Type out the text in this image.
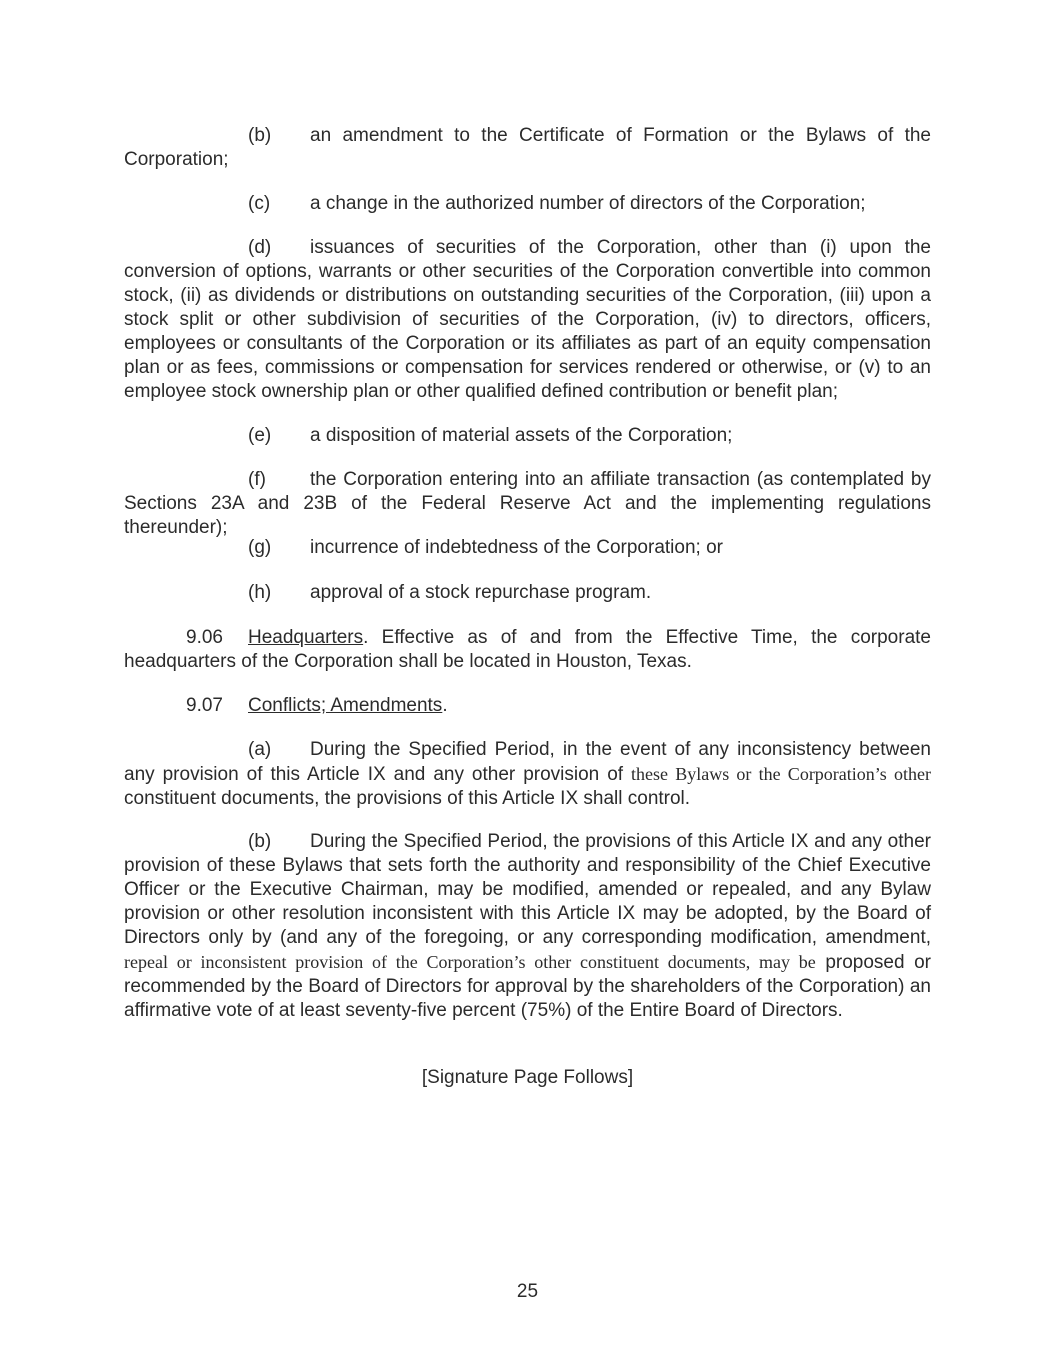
(b) an amendment to the Certificate of Formation or the Bylaws of the Corporation;

(c) a change in the authorized number of directors of the Corporation;

(d) issuances of securities of the Corporation, other than (i) upon the conversion of options, warrants or other securities of the Corporation convertible into common stock, (ii) as dividends or distributions on outstanding securities of the Corporation, (iii) upon a stock split or other subdivision of securities of the Corporation, (iv) to directors, officers, employees or consultants of the Corporation or its affiliates as part of an equity compensation plan or as fees, commissions or compensation for services rendered or otherwise, or (v) to an employee stock ownership plan or other qualified defined contribution or benefit plan;

(e) a disposition of material assets of the Corporation;

(f) the Corporation entering into an affiliate transaction (as contemplated by Sections 23A and 23B of the Federal Reserve Act and the implementing regulations thereunder);

(g) incurrence of indebtedness of the Corporation; or

(h) approval of a stock repurchase program.

9.06 Headquarters. Effective as of and from the Effective Time, the corporate headquarters of the Corporation shall be located in Houston, Texas.

9.07 Conflicts; Amendments.

(a) During the Specified Period, in the event of any inconsistency between any provision of this Article IX and any other provision of these Bylaws or the Corporation’s other constituent documents, the provisions of this Article IX shall control.

(b) During the Specified Period, the provisions of this Article IX and any other provision of these Bylaws that sets forth the authority and responsibility of the Chief Executive Officer or the Executive Chairman, may be modified, amended or repealed, and any Bylaw provision or other resolution inconsistent with this Article IX may be adopted, by the Board of Directors only by (and any of the foregoing, or any corresponding modification, amendment, repeal or inconsistent provision of the Corporation’s other constituent documents, may be proposed or recommended by the Board of Directors for approval by the shareholders of the Corporation) an affirmative vote of at least seventy-five percent (75%) of the Entire Board of Directors.

[Signature Page Follows]

25
